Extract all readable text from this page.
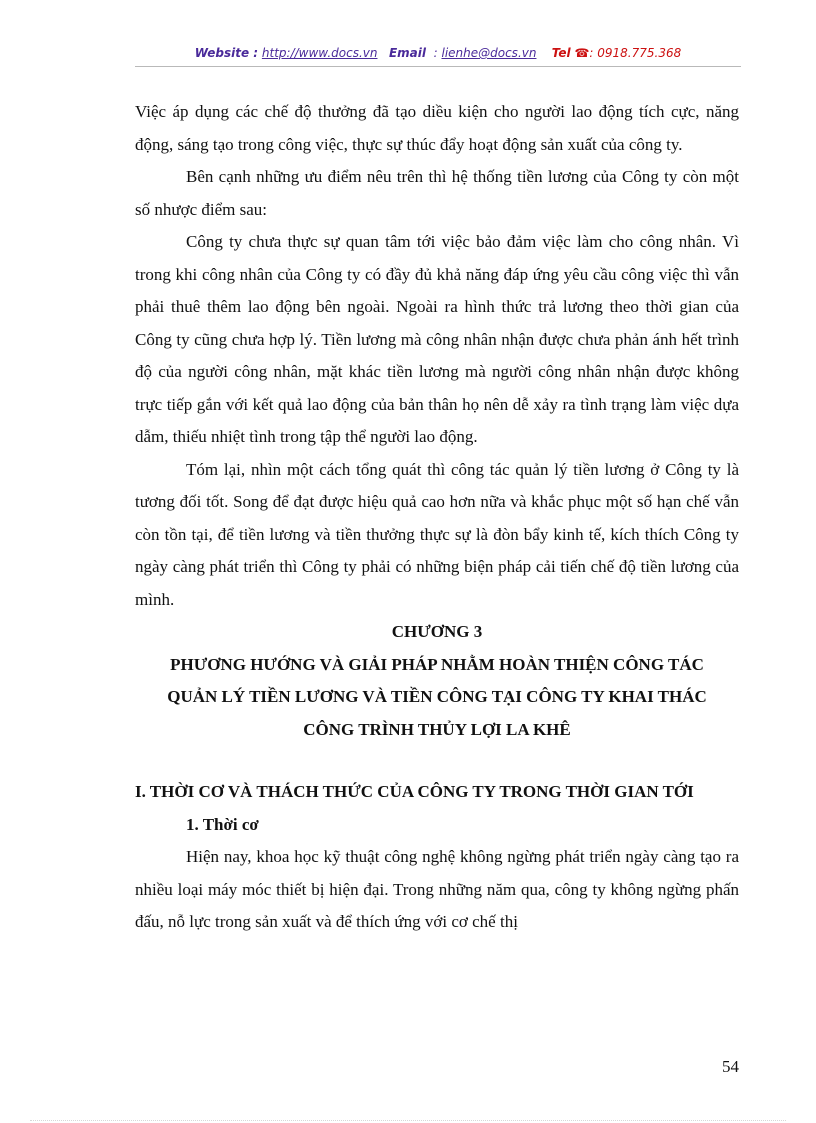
Website : http://www.docs.vn Email : lienhe@docs.vn Tel ☎: 0918.775.368

Việc áp dụng các chế độ thưởng đã tạo diều kiện cho người lao động tích cực, năng động, sáng tạo trong công việc, thực sự thúc đẩy hoạt động sản xuất của công ty.

Bên cạnh những ưu điểm nêu trên thì hệ thống tiền lương của Công ty còn một số nhược điểm sau:

Công ty chưa thực sự quan tâm tới việc bảo đảm việc làm cho công nhân. Vì trong khi công nhân của Công ty có đầy đủ khả năng đáp ứng yêu cầu công việc thì vẫn phải thuê thêm lao động bên ngoài. Ngoài ra hình thức trả lương theo thời gian của Công ty cũng chưa hợp lý. Tiền lương mà công nhân nhận được chưa phản ánh hết trình độ của người công nhân, mặt khác tiền lương mà người công nhân nhận được không trực tiếp gắn với kết quả lao động của bản thân họ nên dễ xảy ra tình trạng làm việc dựa dẫm, thiếu nhiệt tình trong tập thể người lao động.

Tóm lại, nhìn một cách tổng quát thì công tác quản lý tiền lương ở Công ty là tương đối tốt. Song để đạt được hiệu quả cao hơn nữa và khắc phục một số hạn chế vẫn còn tồn tại, để tiền lương và tiền thưởng thực sự là đòn bẩy kinh tế, kích thích Công ty ngày càng phát triển thì Công ty phải có những biện pháp cải tiến chế độ tiền lương của mình.

CHƯƠNG 3

PHƯƠNG HƯỚNG VÀ GIẢI PHÁP NHẰM HOÀN THIỆN CÔNG TÁC QUẢN LÝ TIỀN LƯƠNG VÀ TIỀN CÔNG TẠI CÔNG TY KHAI THÁC CÔNG TRÌNH THỦY LỢI LA KHÊ

I. THỜI CƠ VÀ THÁCH THỨC CỦA CÔNG TY TRONG THỜI GIAN TỚI

1. Thời cơ

Hiện nay, khoa học kỹ thuật công nghệ không ngừng phát triển ngày càng tạo ra nhiều loại máy móc thiết bị hiện đại. Trong những năm qua, công ty không ngừng phấn đấu, nỗ lực trong sản xuất và để thích ứng với cơ chế thị

54
